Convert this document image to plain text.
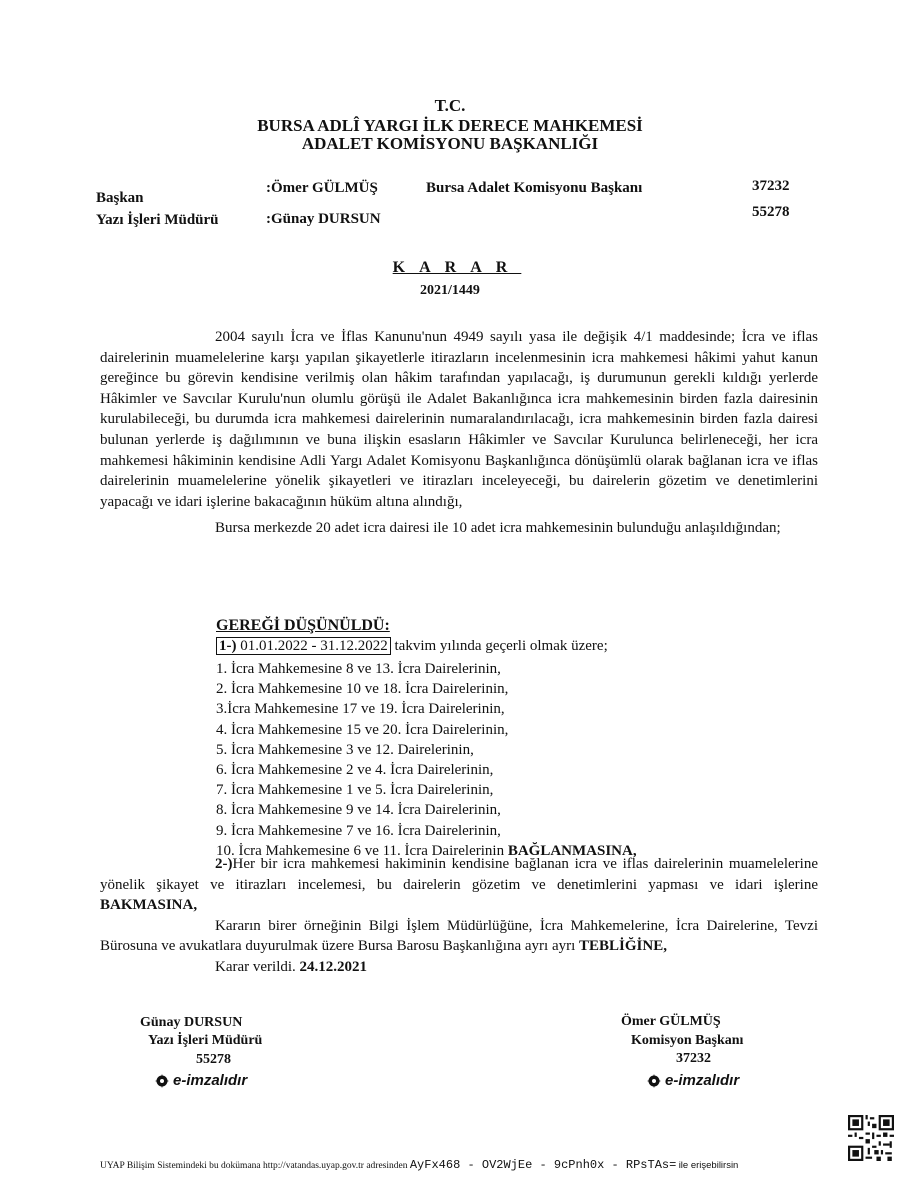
T.C.
BURSA ADLÎ YARGI İLK DERECE MAHKEMESİ
ADALET KOMİSYONU BAŞKANLIĞI
Başkan
:Ömer GÜLMÜŞ	Bursa Adalet Komisyonu Başkanı	37232
Yazı İşleri Müdürü	:Günay DURSUN	55278
KARAR
2021/1449

2004 sayılı İcra ve İflas Kanunu'nun 4949 sayılı yasa ile değişik 4/1 maddesinde; İcra ve iflas dairelerinin muamelelerine karşı yapılan şikayetlerle itirazların incelenmesinin icra mahkemesi hâkimi yahut kanun gereğince bu görevin kendisine verilmiş olan hâkim tarafından yapılacağı, iş durumunun gerekli kıldığı yerlerde Hâkimler ve Savcılar Kurulu'nun olumlu görüşü ile Adalet Bakanlığınca icra mahkemesinin birden fazla dairesinin kurulabileceği, bu durumda icra mahkemesi dairelerinin numaralandırılacağı, icra mahkemesinin birden fazla dairesi bulunan yerlerde iş dağılımının ve buna ilişkin esasların Hâkimler ve Savcılar Kurulunca belirleneceği, her icra mahkemesi hâkiminin kendisine Adli Yargı Adalet Komisyonu Başkanlığınca dönüşümlü olarak bağlanan icra ve iflas dairelerinin muamelelerine yönelik şikayetleri ve itirazları inceleyeceği, bu dairelerin gözetim ve denetimlerini yapacağı ve idari işlerine bakacağının hüküm altına alındığı,

Bursa merkezde 20 adet icra dairesi ile 10 adet icra mahkemesinin bulunduğu anlaşıldığından;

GEREĞİ DÜŞÜNÜLDÜ:
1-) 01.01.2022 - 31.12.2022 takvim yılında geçerli olmak üzere;
1. İcra Mahkemesine 8 ve 13. İcra Dairelerinin,
2. İcra Mahkemesine 10 ve 18. İcra Dairelerinin,
3.İcra Mahkemesine 17 ve 19. İcra Dairelerinin,
4. İcra Mahkemesine 15 ve 20. İcra Dairelerinin,
5. İcra Mahkemesine 3 ve 12. Dairelerinin,
6. İcra Mahkemesine 2 ve 4. İcra Dairelerinin,
7. İcra Mahkemesine 1 ve 5. İcra Dairelerinin,
8. İcra Mahkemesine 9 ve 14. İcra Dairelerinin,
9. İcra Mahkemesine 7 ve 16. İcra Dairelerinin,
10. İcra Mahkemesine 6 ve 11. İcra Dairelerinin BAĞLANMASINA,

2-)Her bir icra mahkemesi hakiminin kendisine bağlanan icra ve iflas dairelerinin muamelelerine yönelik şikayet ve itirazları incelemesi, bu dairelerin gözetim ve denetimlerini yapması ve idari işlerine BAKMASINA,

Kararın birer örneğinin Bilgi İşlem Müdürlüğüne, İcra Mahkemelerine, İcra Dairelerine, Tevzi Bürosuna ve avukatlara duyurulmak üzere Bursa Barosu Başkanlığına ayrı ayrı TEBLİĞİNE,

Karar verildi. 24.12.2021

Günay DURSUN
Yazı İşleri Müdürü
55278
e-imzalıdır
Ömer GÜLMÜŞ
Komisyon Başkanı
37232
e-imzalıdır
UYAP Bilişim Sistemindeki bu dokümana http://vatandas.uyap.gov.tr adresinden AyFx468 - OV2WjEe - 9cPnh0x - RPsTAs= ile erişebilirsin
